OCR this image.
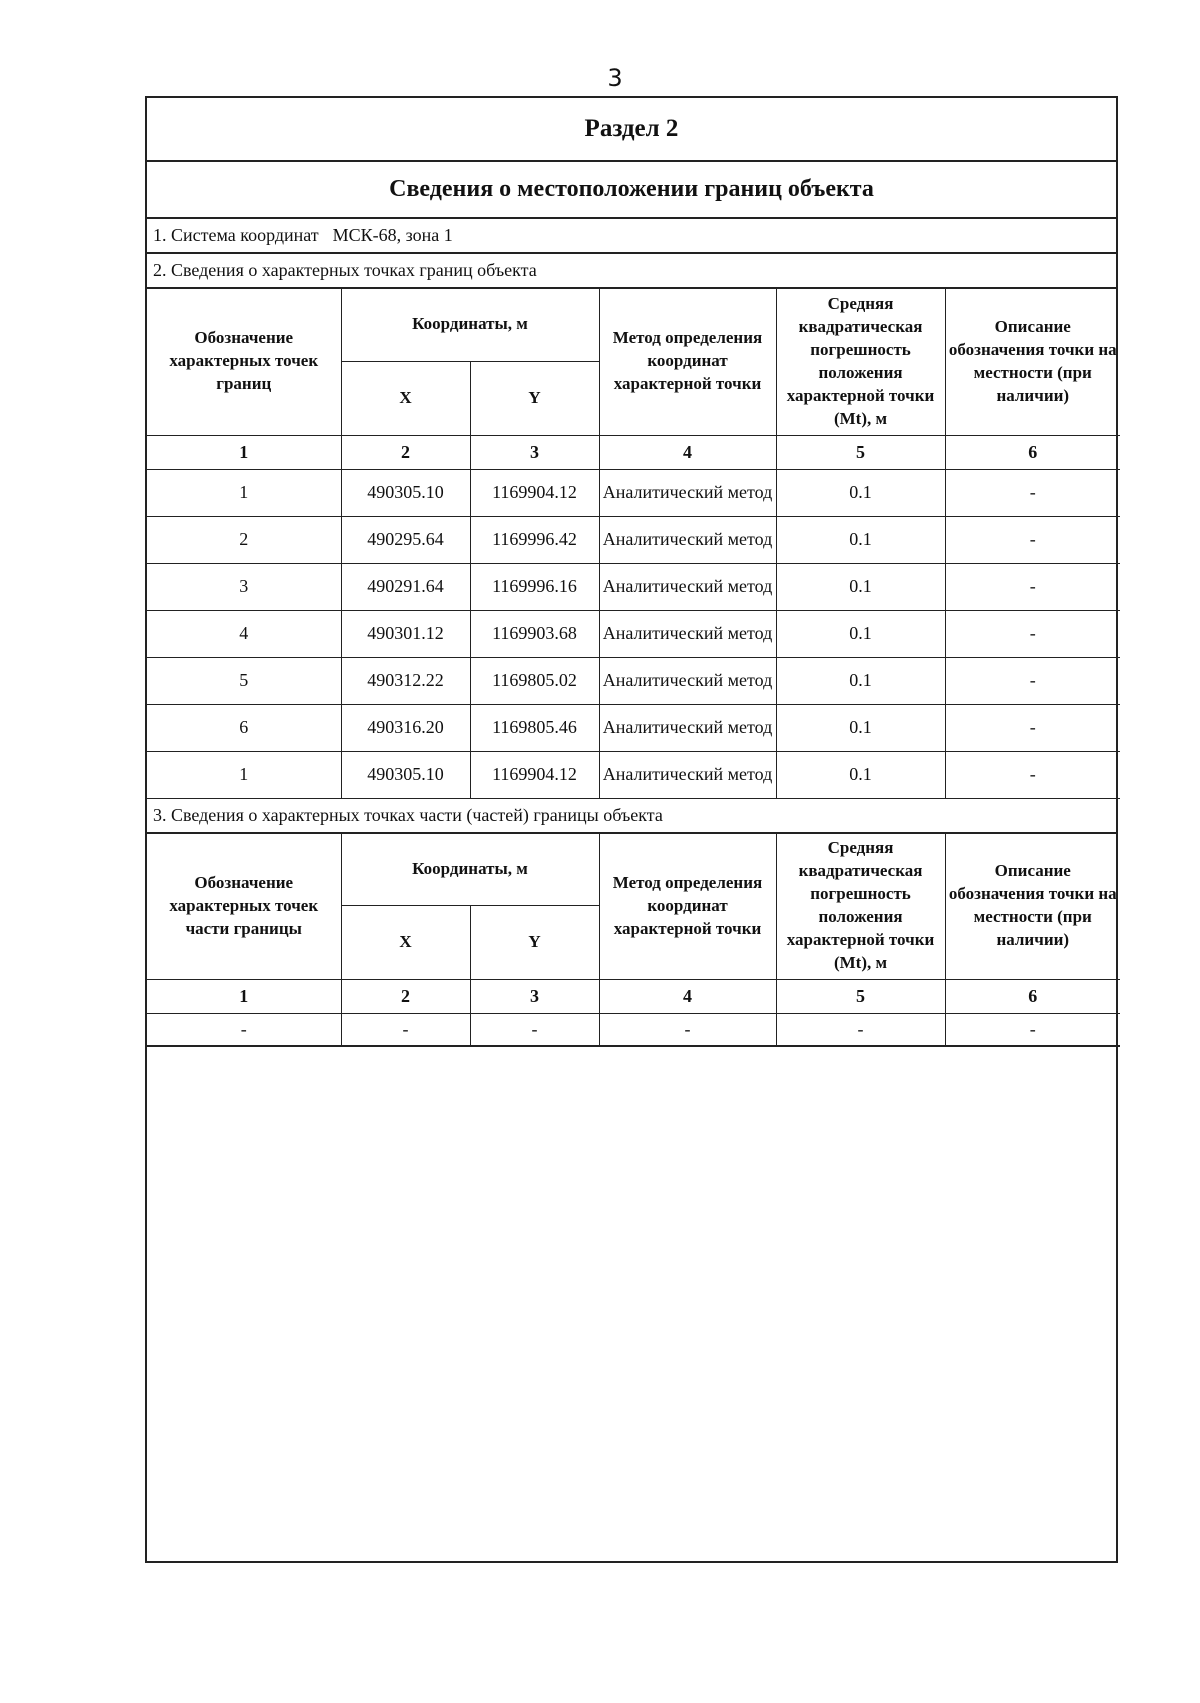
3
Раздел 2
Сведения о местоположении границ объекта
1. Система координат МСК-68, зона 1
2. Сведения о характерных точках границ объекта
Обозначение характерных точек границ	Координаты, м		Метод определения координат характерной точки	Средняя квадратическая погрешность положения характерной точки (Mt), м	Описание обозначения точки на местности (при наличии)
	X	Y			
1	2	3	4	5	6
1	490305.10	1169904.12	Аналитический метод	0.1	-
2	490295.64	1169996.42	Аналитический метод	0.1	-
3	490291.64	1169996.16	Аналитический метод	0.1	-
4	490301.12	1169903.68	Аналитический метод	0.1	-
5	490312.22	1169805.02	Аналитический метод	0.1	-
6	490316.20	1169805.46	Аналитический метод	0.1	-
1	490305.10	1169904.12	Аналитический метод	0.1	-
3. Сведения о характерных точках части (частей) границы объекта
Обозначение характерных точек части границы	Координаты, м		Метод определения координат характерной точки	Средняя квадратическая погрешность положения характерной точки (Mt), м	Описание обозначения точки на местности (при наличии)
	X	Y			
1	2	3	4	5	6
-	-	-	-	-	-
